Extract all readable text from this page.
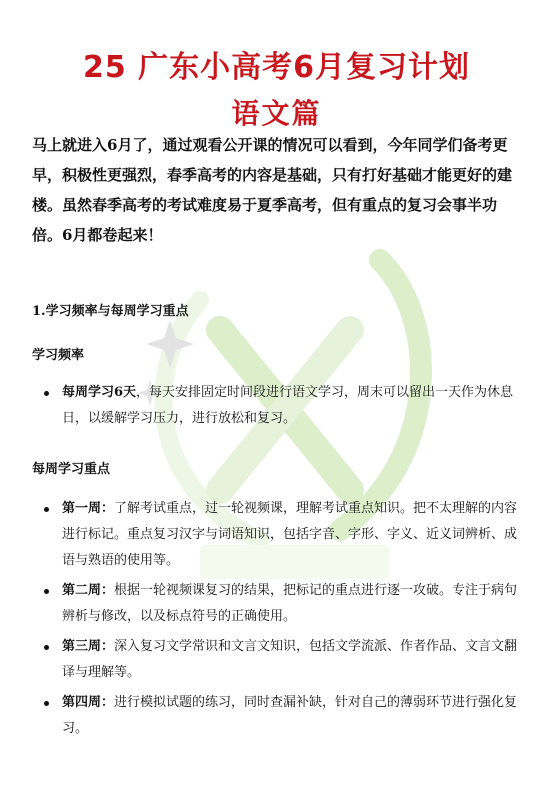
25 广东小高考6月复习计划
语文篇

马上就进入6月了，通过观看公开课的情况可以看到，今年同学们备考更早，积极性更强烈，春季高考的内容是基础，只有打好基础才能更好的建楼。虽然春季高考的考试难度易于夏季高考，但有重点的复习会事半功倍。6月都卷起来！

1.学习频率与每周学习重点

学习频率

每周学习6天，每天安排固定时间段进行语文学习，周末可以留出一天作为休息日，以缓解学习压力，进行放松和复习。

每周学习重点

第一周：了解考试重点，过一轮视频课，理解考试重点知识。把不太理解的内容进行标记。重点复习汉字与词语知识，包括字音、字形、字义、近义词辨析、成语与熟语的使用等。
第二周：根据一轮视频课复习的结果，把标记的重点进行逐一攻破。专注于病句辨析与修改，以及标点符号的正确使用。
第三周：深入复习文学常识和文言文知识，包括文学流派、作者作品、文言文翻译与理解等。
第四周：进行模拟试题的练习，同时查漏补缺，针对自己的薄弱环节进行强化复习。
